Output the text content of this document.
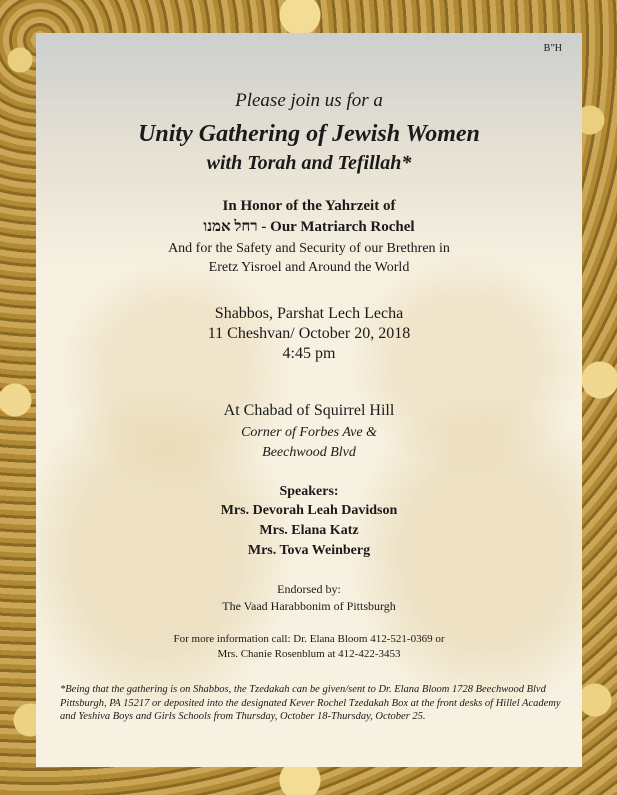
B”H
Please join us for a
Unity Gathering of Jewish Women
with Torah and Tefillah*
In Honor of the Yahrzeit of
רחל אמנו - Our Matriarch Rochel
And for the Safety and Security of our Brethren in
Eretz Yisroel and Around the World
Shabbos, Parshat Lech Lecha
11 Cheshvan/ October 20, 2018
4:45 pm
At Chabad of Squirrel Hill
Corner of Forbes Ave &
Beechwood Blvd
Speakers:
Mrs. Devorah Leah Davidson
Mrs. Elana Katz
Mrs. Tova Weinberg
Endorsed by:
The Vaad Harabbonim of Pittsburgh
For more information call: Dr. Elana Bloom 412-521-0369 or
Mrs. Chanie Rosenblum at 412-422-3453
*Being that the gathering is on Shabbos, the Tzedakah can be given/sent to Dr. Elana Bloom 1728 Beechwood Blvd Pittsburgh, PA 15217 or deposited into the designated Kever Rochel Tzedakah Box at the front desks of Hillel Academy and Yeshiva Boys and Girls Schools from Thursday, October 18-Thursday, October 25.
